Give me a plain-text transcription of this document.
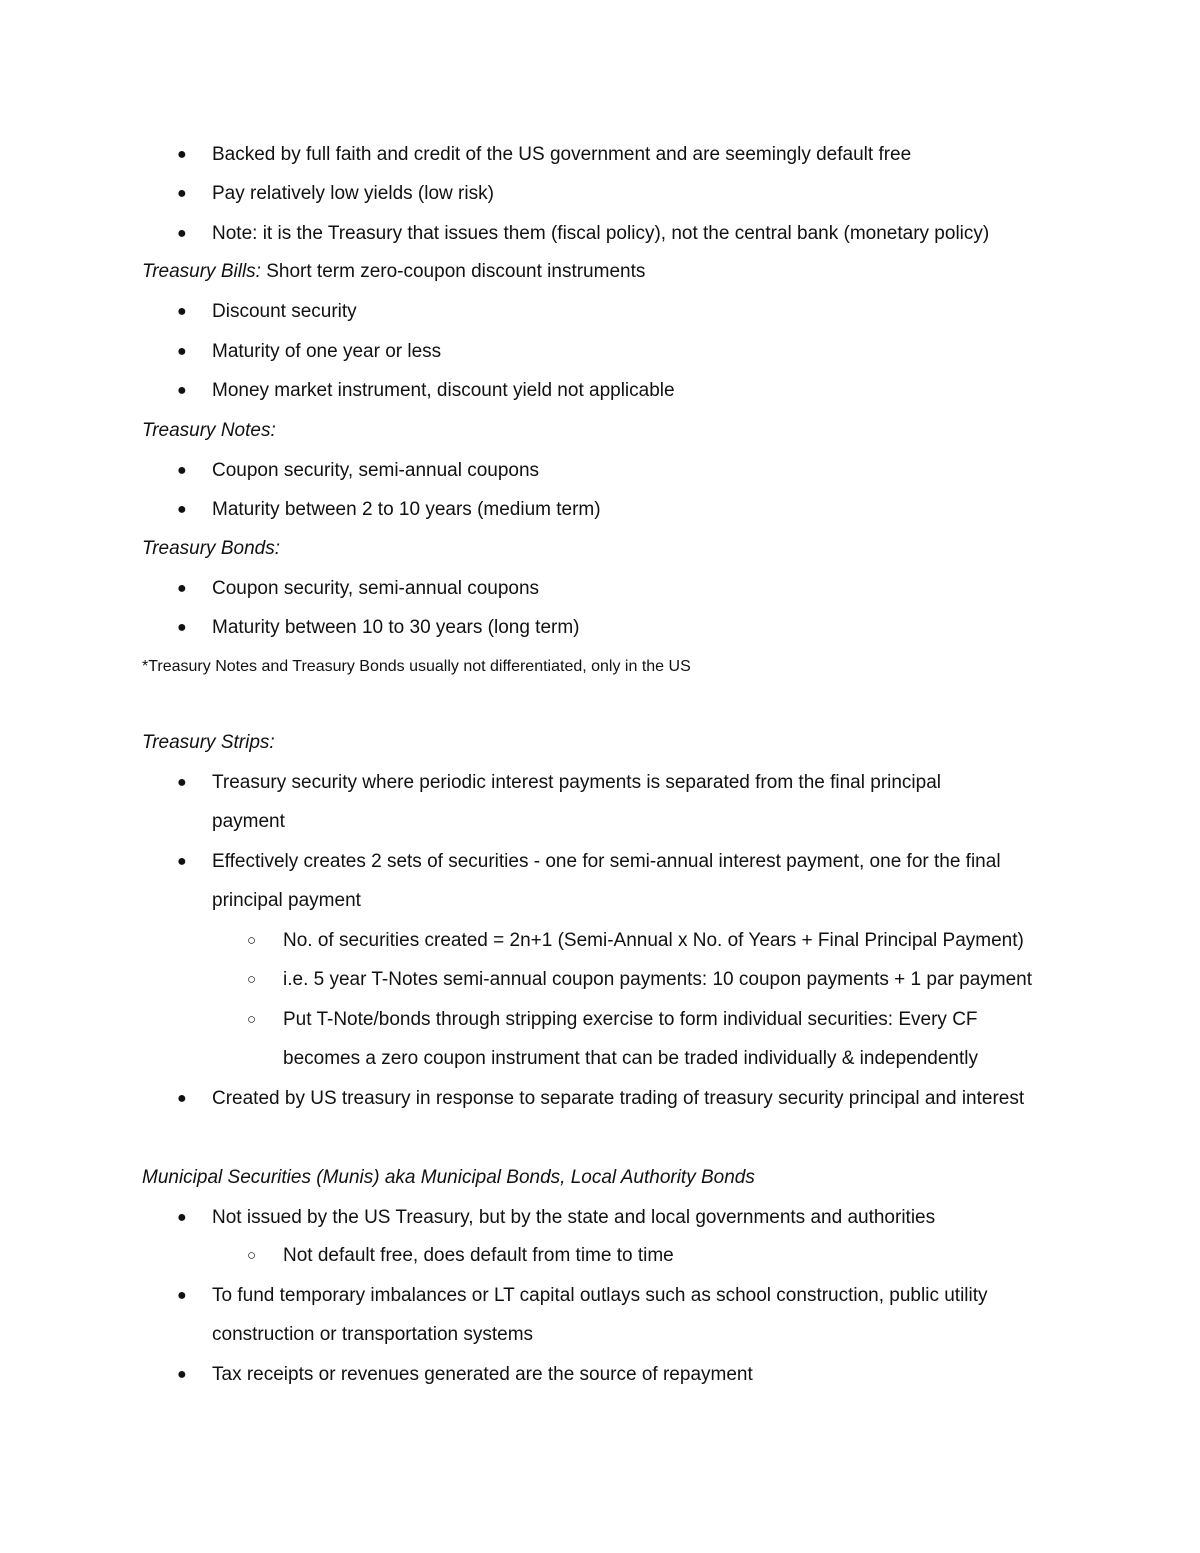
● Backed by full faith and credit of the US government and are seemingly default free
● Pay relatively low yields (low risk)
● Note: it is the Treasury that issues them (fiscal policy), not the central bank (monetary policy)
Treasury Bills: Short term zero-coupon discount instruments
● Discount security
● Maturity of one year or less
● Money market instrument, discount yield not applicable
Treasury Notes:
● Coupon security, semi-annual coupons
● Maturity between 2 to 10 years (medium term)
Treasury Bonds:
● Coupon security, semi-annual coupons
● Maturity between 10 to 30 years (long term)
*Treasury Notes and Treasury Bonds usually not differentiated, only in the US
Treasury Strips:
● Treasury security where periodic interest payments is separated from the final principal
payment
● Effectively creates 2 sets of securities - one for semi-annual interest payment, one for the final
principal payment
○ No. of securities created = 2n+1 (Semi-Annual x No. of Years + Final Principal Payment)
○ i.e. 5 year T-Notes semi-annual coupon payments: 10 coupon payments + 1 par payment
○ Put T-Note/bonds through stripping exercise to form individual securities: Every CF
becomes a zero coupon instrument that can be traded individually & independently
● Created by US treasury in response to separate trading of treasury security principal and interest
Municipal Securities (Munis) aka Municipal Bonds, Local Authority Bonds
● Not issued by the US Treasury, but by the state and local governments and authorities
○ Not default free, does default from time to time
● To fund temporary imbalances or LT capital outlays such as school construction, public utility
construction or transportation systems
● Tax receipts or revenues generated are the source of repayment
